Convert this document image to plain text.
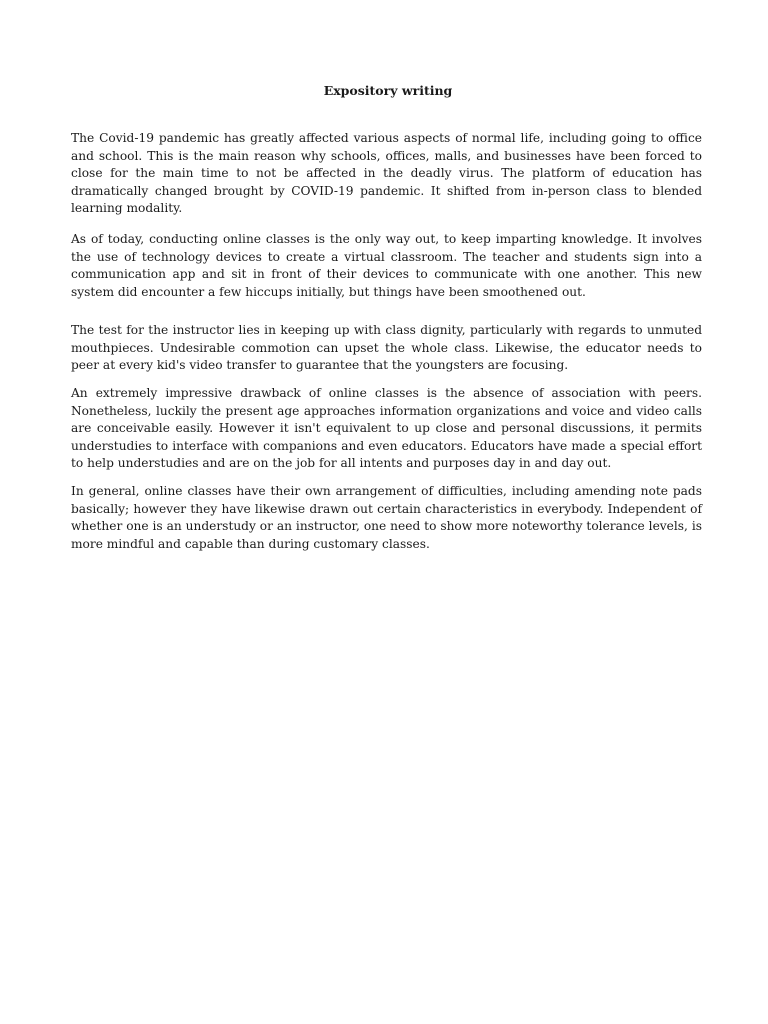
Expository writing

The Covid-19 pandemic has greatly affected various aspects of normal life, including going to office and school. This is the main reason why schools, offices, malls, and businesses have been forced to close for the main time to not be affected in the deadly virus. The platform of education has dramatically changed brought by COVID-19 pandemic. It shifted from in-person class to blended learning modality.

As of today, conducting online classes is the only way out, to keep imparting knowledge. It involves the use of technology devices to create a virtual classroom. The teacher and students sign into a communication app and sit in front of their devices to communicate with one another. This new system did encounter a few hiccups initially, but things have been smoothened out.

The test for the instructor lies in keeping up with class dignity, particularly with regards to unmuted mouthpieces. Undesirable commotion can upset the whole class. Likewise, the educator needs to peer at every kid's video transfer to guarantee that the youngsters are focusing.

An extremely impressive drawback of online classes is the absence of association with peers. Nonetheless, luckily the present age approaches information organizations and voice and video calls are conceivable easily. However it isn't equivalent to up close and personal discussions, it permits understudies to interface with companions and even educators. Educators have made a special effort to help understudies and are on the job for all intents and purposes day in and day out.

In general, online classes have their own arrangement of difficulties, including amending note pads basically; however they have likewise drawn out certain characteristics in everybody. Independent of whether one is an understudy or an instructor, one need to show more noteworthy tolerance levels, is more mindful and capable than during customary classes.
